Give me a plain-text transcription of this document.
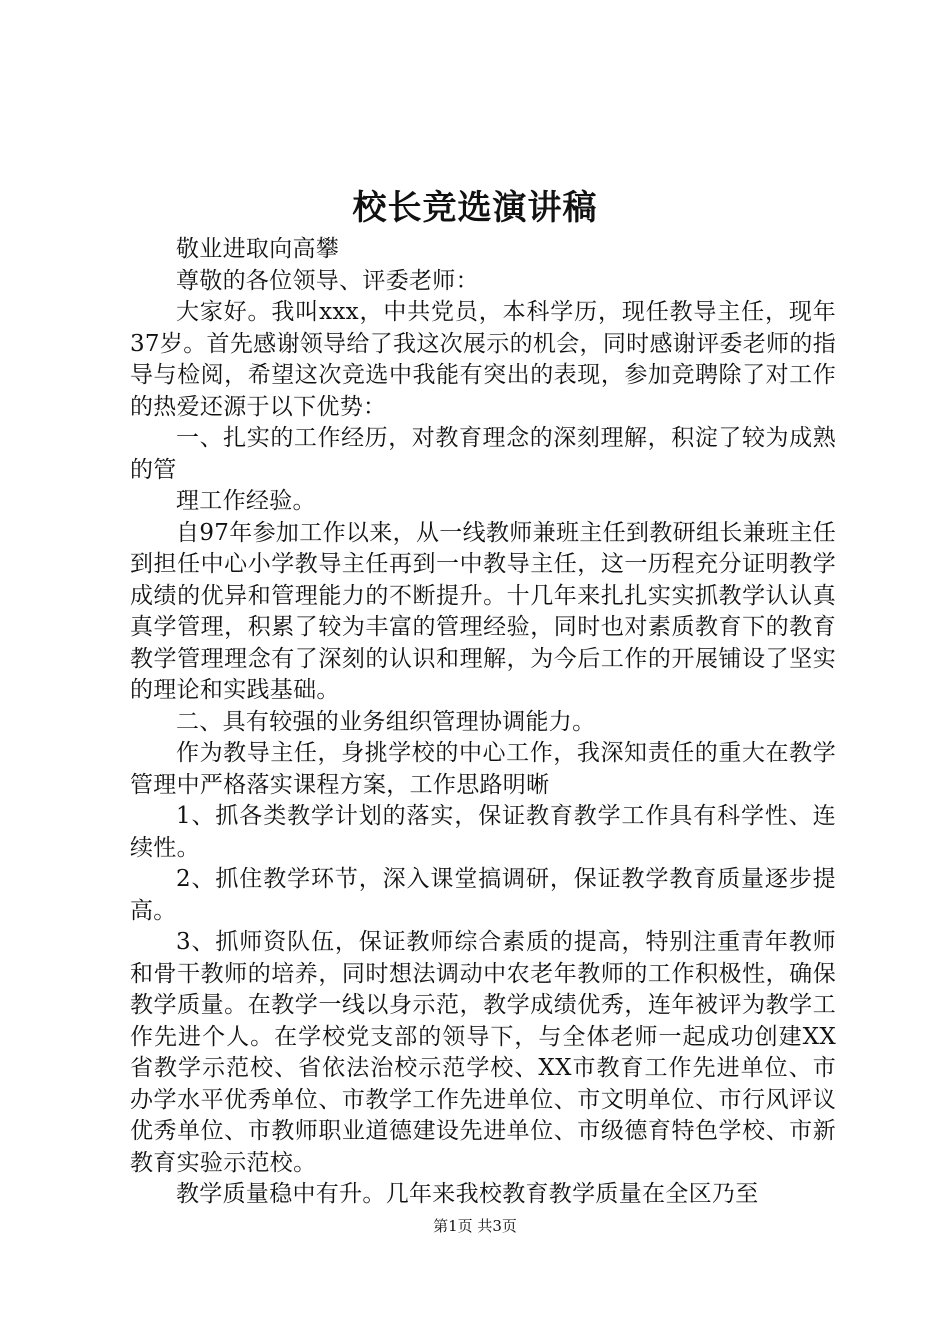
校长竞选演讲稿

敬业进取向高攀

尊敬的各位领导、评委老师：

大家好。我叫xxx，中共党员，本科学历，现任教导主任，现年37岁。首先感谢领导给了我这次展示的机会，同时感谢评委老师的指导与检阅，希望这次竞选中我能有突出的表现，参加竞聘除了对工作的热爱还源于以下优势：

一、扎实的工作经历，对教育理念的深刻理解，积淀了较为成熟的管

理工作经验。

自97年参加工作以来，从一线教师兼班主任到教研组长兼班主任到担任中心小学教导主任再到一中教导主任，这一历程充分证明教学成绩的优异和管理能力的不断提升。十几年来扎扎实实抓教学认认真真学管理，积累了较为丰富的管理经验，同时也对素质教育下的教育教学管理理念有了深刻的认识和理解，为今后工作的开展铺设了坚实的理论和实践基础。

二、具有较强的业务组织管理协调能力。

作为教导主任，身挑学校的中心工作，我深知责任的重大在教学管理中严格落实课程方案，工作思路明晰

1、抓各类教学计划的落实，保证教育教学工作具有科学性、连续性。

2、抓住教学环节，深入课堂搞调研，保证教学教育质量逐步提高。

3、抓师资队伍，保证教师综合素质的提高，特别注重青年教师和骨干教师的培养，同时想法调动中农老年教师的工作积极性，确保教学质量。在教学一线以身示范，教学成绩优秀，连年被评为教学工作先进个人。在学校党支部的领导下，与全体老师一起成功创建XX省教学示范校、省依法治校示范学校、XX市教育工作先进单位、市办学水平优秀单位、市教学工作先进单位、市文明单位、市行风评议优秀单位、市教师职业道德建设先进单位、市级德育特色学校、市新教育实验示范校。

教学质量稳中有升。几年来我校教育教学质量在全区乃至

第1页 共3页
